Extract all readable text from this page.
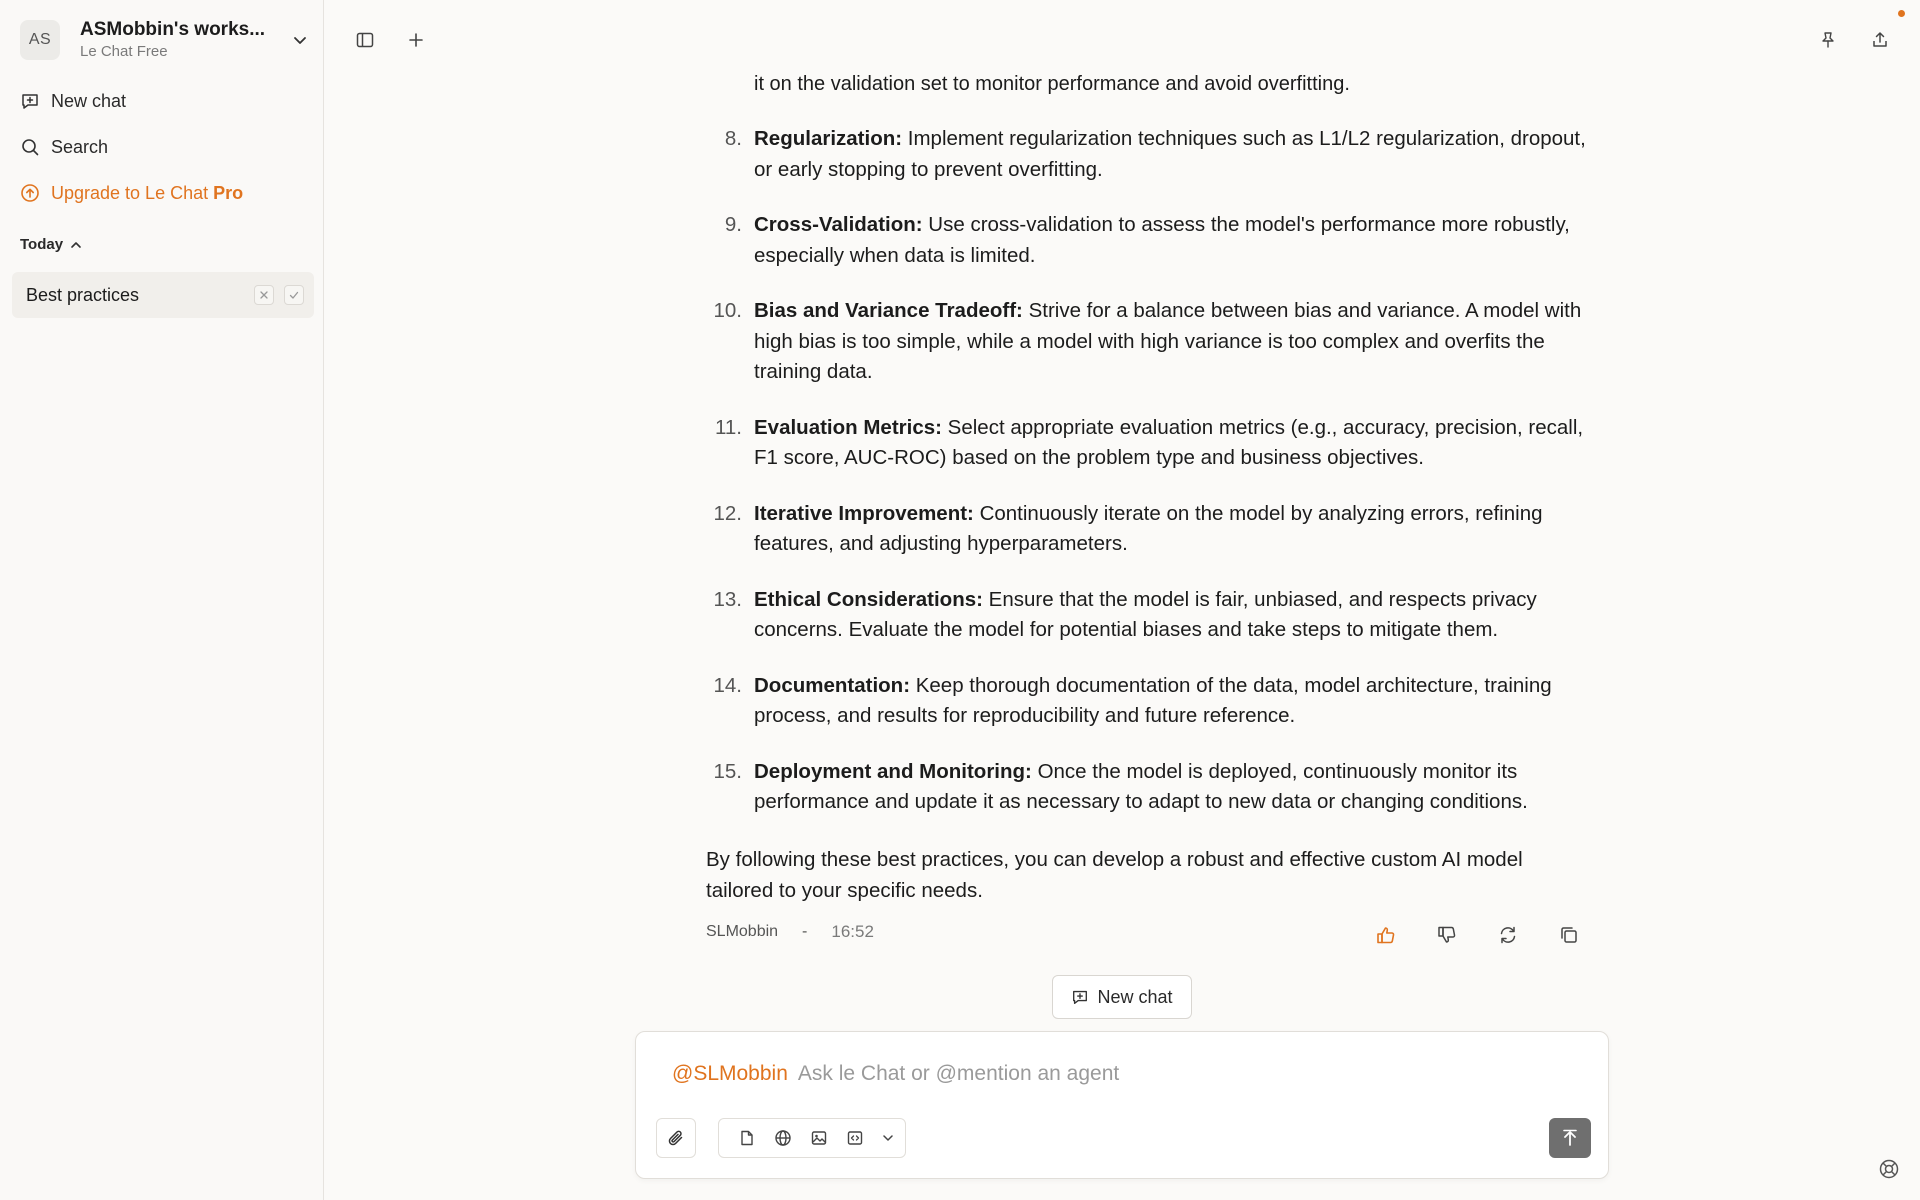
AS	ASMobbin's works...
Le Chat Free
New chat
Search
Upgrade to Le Chat Pro
Today
Best practices
it on the validation set to monitor performance and avoid overfitting.
8. Regularization: Implement regularization techniques such as L1/L2 regularization, dropout, or early stopping to prevent overfitting.
9. Cross-Validation: Use cross-validation to assess the model's performance more robustly, especially when data is limited.
10. Bias and Variance Tradeoff: Strive for a balance between bias and variance. A model with high bias is too simple, while a model with high variance is too complex and overfits the training data.
11. Evaluation Metrics: Select appropriate evaluation metrics (e.g., accuracy, precision, recall, F1 score, AUC-ROC) based on the problem type and business objectives.
12. Iterative Improvement: Continuously iterate on the model by analyzing errors, refining features, and adjusting hyperparameters.
13. Ethical Considerations: Ensure that the model is fair, unbiased, and respects privacy concerns. Evaluate the model for potential biases and take steps to mitigate them.
14. Documentation: Keep thorough documentation of the data, model architecture, training process, and results for reproducibility and future reference.
15. Deployment and Monitoring: Once the model is deployed, continuously monitor its performance and update it as necessary to adapt to new data or changing conditions.
By following these best practices, you can develop a robust and effective custom AI model tailored to your specific needs.
SLMobbin - 16:52
New chat
@SLMobbin Ask le Chat or @mention an agent
